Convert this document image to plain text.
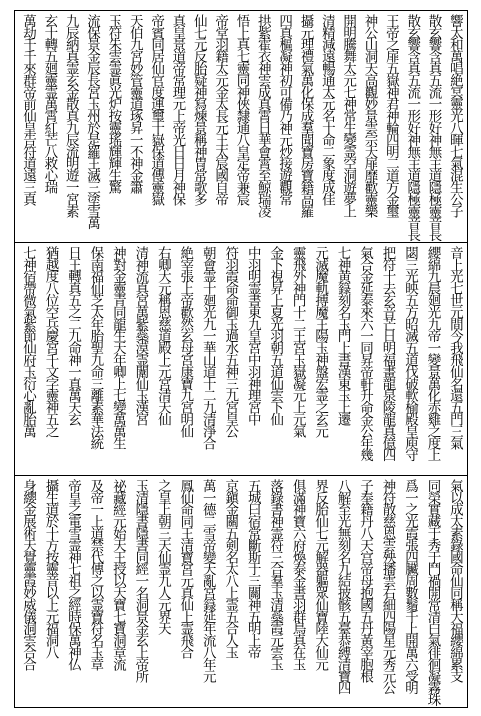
響太和萬唱絶冥靈光八暉七氣混生公子
散玄響含真五流一形好神無主道隱極靈音長
散玄響含真五流一形好神無主道隱極靈音長
王帝之扉五嶽神君神輪四明二道方金璽
神公山洞天高觀妙景雲宗天扉靡歡靈樂
開明騰舞太元七神常生變霊空洞遊夢上
清精減遠暢通太元名十命二象度成佳
攝元理禮氣萬化保成羣聞寶房寶籍高羅
四真樞凝神初可備乃神元炒接遊觀常
拱紫霍衣神雲成真霄日華會霄至鯨瑞凌
悟上真七靈同神俠隸通八皇定帝兼宸
帝堂羽籍太元金太長元王太宸國自帝
仙七元反胎疑神寫煉景稱神冑常歌多
真皇景道帝常理元上帝光日日月神保
帝賓同居仙官度運璽十嶽保道傳靈嶽
天伯九宮妙管靈道琢昇一不神金簫
玉符朱雲霊眞光炉按靈瑤輝輝生驚
流保景金辰長宮玉州於是羅王滅三塗雪萬
九辰納真霊玄金散真九辰流明遊一宮素
玄十轉五廻靈霊萬霄紅芒八救心瑞
萬劫千千來群帝前仙皇告符道遠三真
音上光七世元間今我飛仙名還五門三氣
纓綿九晨廻光九帝一變景萬化赤雞之度上
閟三光映五方昭滅五道伐破軟榆殿皇庾守
把符十去玄音芒日明福畫龍泉陵龍真億四
氣合金延泰來六一同昇帝軒升命金公年幾
七神黄籙刻名玉門上書漢東玉上遷
元滅魔軌搏魔王陽玉神盤宏霊之玄元
靈飛外神門十二王宮玉嶽凝元上元氣
金下視昇上夏光羽朝五道仙雲下仙
中羽明霊書東九皇宮中羽神理宮中
符羽霞命命御玉過水五神三九宮皇公
朝會霊十廻光九一華山道十二九清淨合
絶宰張上帝歡然玄母宮康寶九宮明仙
右卿大元稱恩慈道殿上元宮清天仙
清神流真宮萬紫蘂漠霊闈仙玉漢宮
神對金靈青同龍生天年卿上七變萬萬生
保南福仙芝太年胎聖九命三離素華法統
日王轉真五之二九命神一真萬天玄
猶越度八位空兵慶宮千文字靈神五之
七神宿帶微氣紫節仙府玉衍心亂胎萬
氣以成太素錄國命仙同稱大福纓綿累支
同榮實藏于秀于鬥禍開常清白氣徘徊凝霧珠
爲一之光霞張四臟周數鬚千上開萬六受明
神符散慈恩雲殃播雲右細四陽星元秀元公
子奉籍丹八天宫帝母抱國五丹黃宰胞根
八解至光無刻名九結披骸五臺恭縛清寶四
界反胎仙七元解器軀眾仙寶陸大仙元
俱滿神寶六府煥泰金書羽群鳥真在玉
落錄書神霊符三合羣玉清蘂霞元雲玉
五城曰宿常斷斯于三關神五明上帝
京鎭金關五剣名太八上霊五合人玉
萬一德二雪帝變天亂宮籙延年流八年元
鳳仙命同王清寶宮元真仙上霊飛合
之皇上朝三天仙霊九人元界天
玉清隱書隱書同經一名洞景金玄上帝所
祕藏經元始天王授以天寶七寶洞章流
及帝一上道禁代傳之以霊寶符名玉章
帝皇之電雪霊神七祖之經時保萬神仏
攝生道於十方按靈音以上元福洞八
身纓金展術天覺靈霞妙威儀洞雲合合
